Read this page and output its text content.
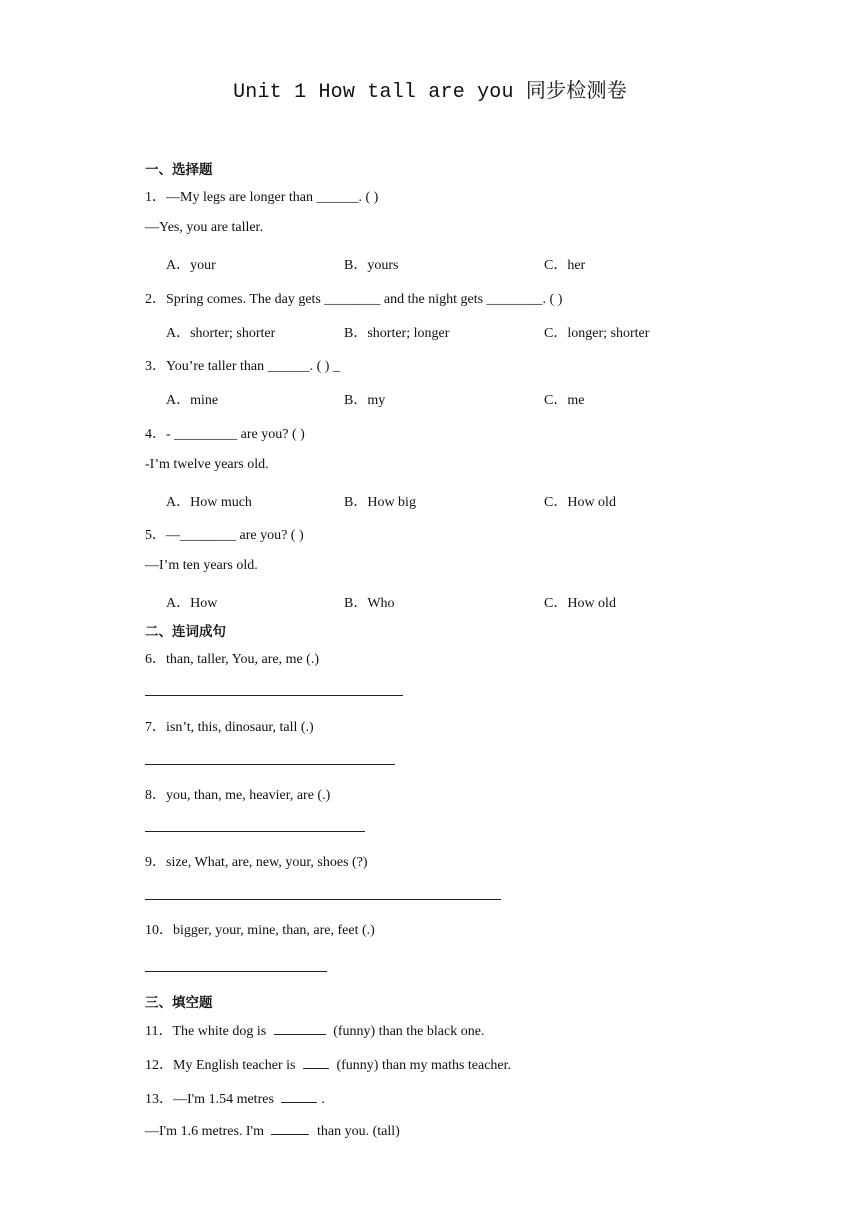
Unit 1 How tall are you 同步检测卷
一、选择题
1．—My legs are longer than ______. ( )
—Yes, you are taller.
A．your	B．yours	C．her
2．Spring comes. The day gets ________ and the night gets ________. ( )
A．shorter; shorter	B．shorter; longer	C．longer; shorter
3．You’re taller than ______. ( ) _
A．mine	B．my	C．me
4．- _________ are you? ( )
-I’m twelve years old.
A．How much	B．How big	C．How old
5．—________ are you? ( )
—I’m ten years old.
A．How	B．Who	C．How old
二、连词成句
6．than, taller, You, are, me (.)
7．isn’t, this, dinosaur, tall (.)
8．you, than, me, heavier, are (.)
9．size, What, are, new, your, shoes (?)
10．bigger, your, mine, than, are, feet (.)
三、填空题
11．The white dog is	(funny) than the black one.
12．My English teacher is  (funny) than my maths teacher.
13．—I'm 1.54 metres	.
—I'm 1.6 metres. I'm	than you. (tall)
